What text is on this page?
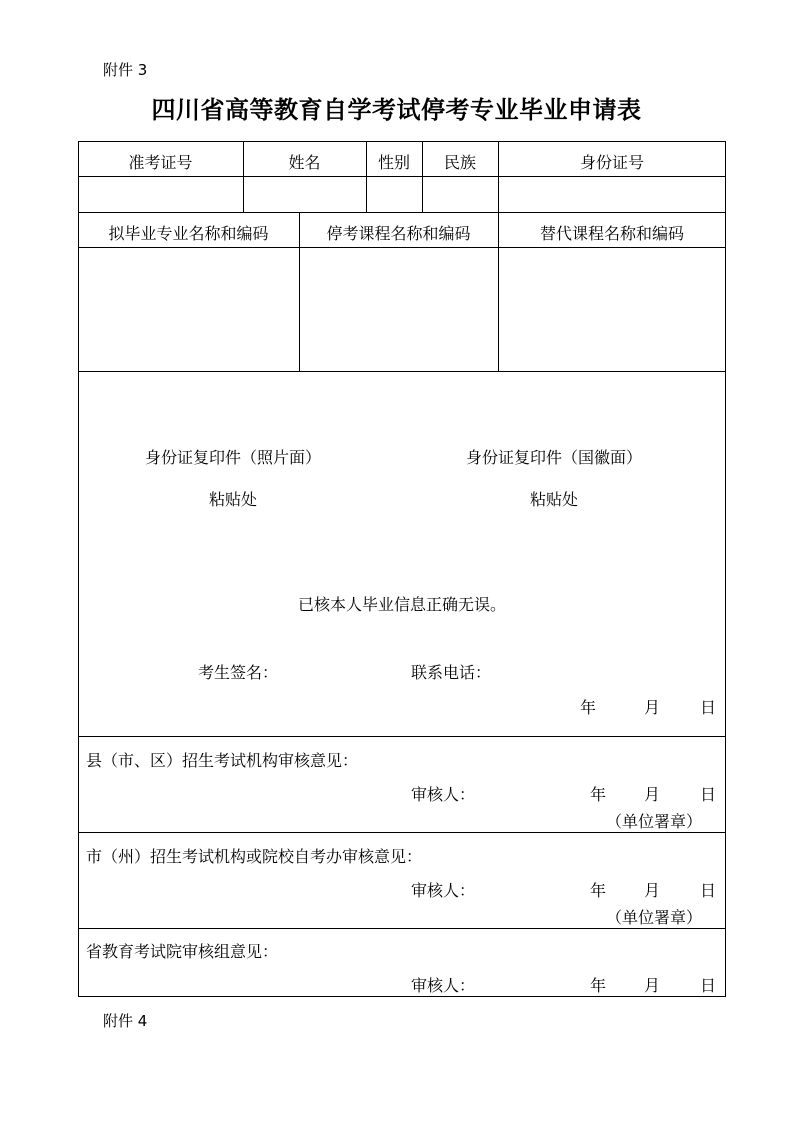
附件 3
四川省高等教育自学考试停考专业毕业申请表
准考证号	姓名	性别	民族	身份证号
拟毕业专业名称和编码	停考课程名称和编码	替代课程名称和编码
身份证复印件（照片面）
粘贴处
身份证复印件（国徽面）
粘贴处
已核本人毕业信息正确无误。
考生签名：	联系电话：
年	月 日
县（市、区）招生考试机构审核意见：
审核人：	年 月 日
（单位署章）
市（州）招生考试机构或院校自考办审核意见：
审核人：	年 月 日
（单位署章）
省教育考试院审核组意见：
审核人：	年 月 日
附件 4
